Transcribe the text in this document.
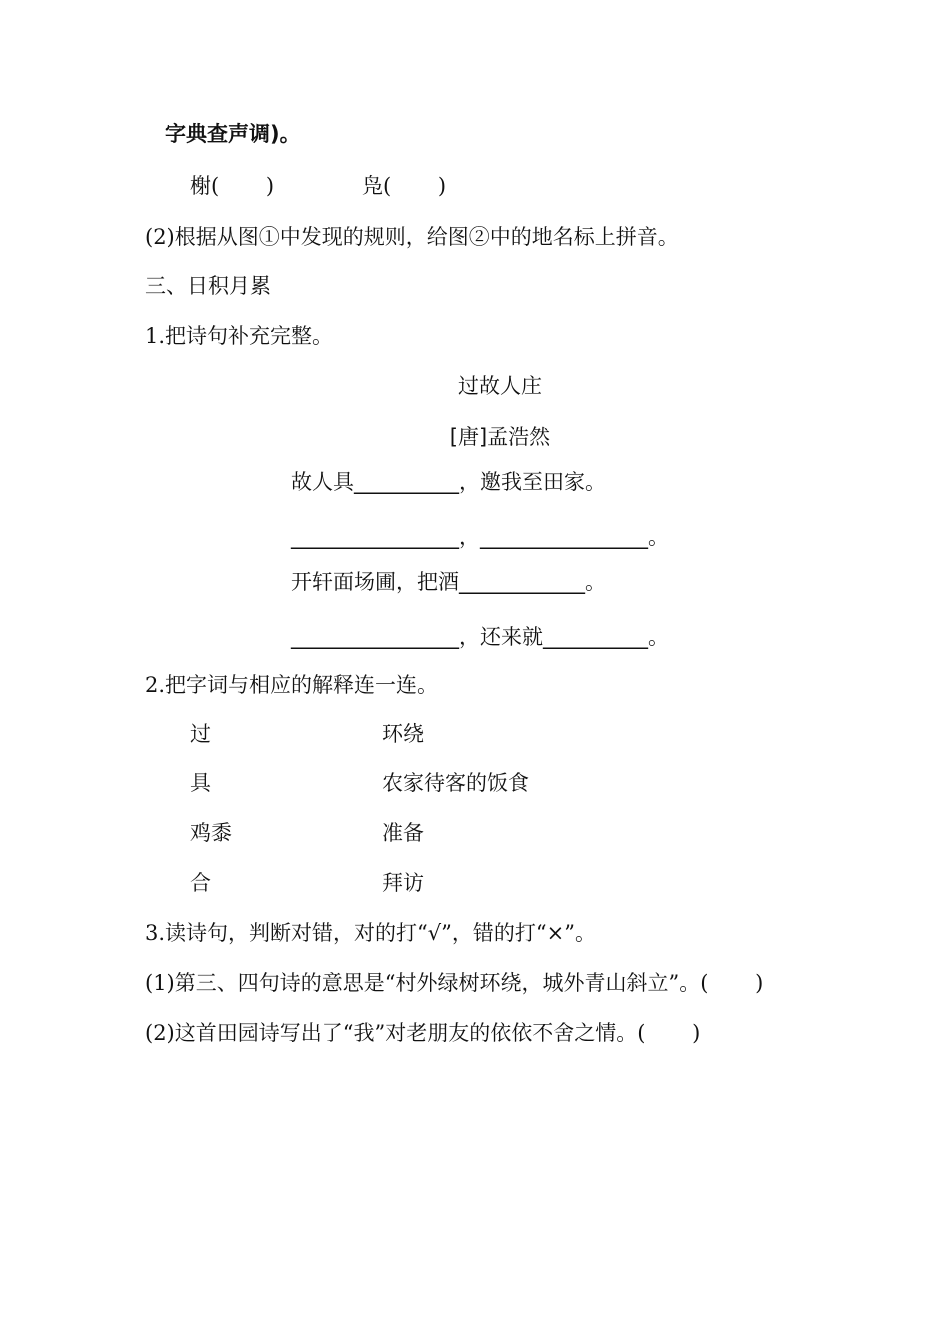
字典查声调)。
榭(       )	凫(       )
(2)根据从图①中发现的规则，给图②中的地名标上拼音。
三、日积月累
1.把诗句补充完整。
过故人庄
[唐]孟浩然
故人具__________，邀我至田家。
________________，________________。
开轩面场圃，把酒____________。
________________，还来就__________。
2.把字词与相应的解释连一连。
过
具
鸡黍
合
环绕
农家待客的饭食
准备
拜访
3.读诗句，判断对错，对的打“√”，错的打“×”。
(1)第三、四句诗的意思是“村外绿树环绕，城外青山斜立”。(       )
(2)这首田园诗写出了“我”对老朋友的依依不舍之情。(       )
